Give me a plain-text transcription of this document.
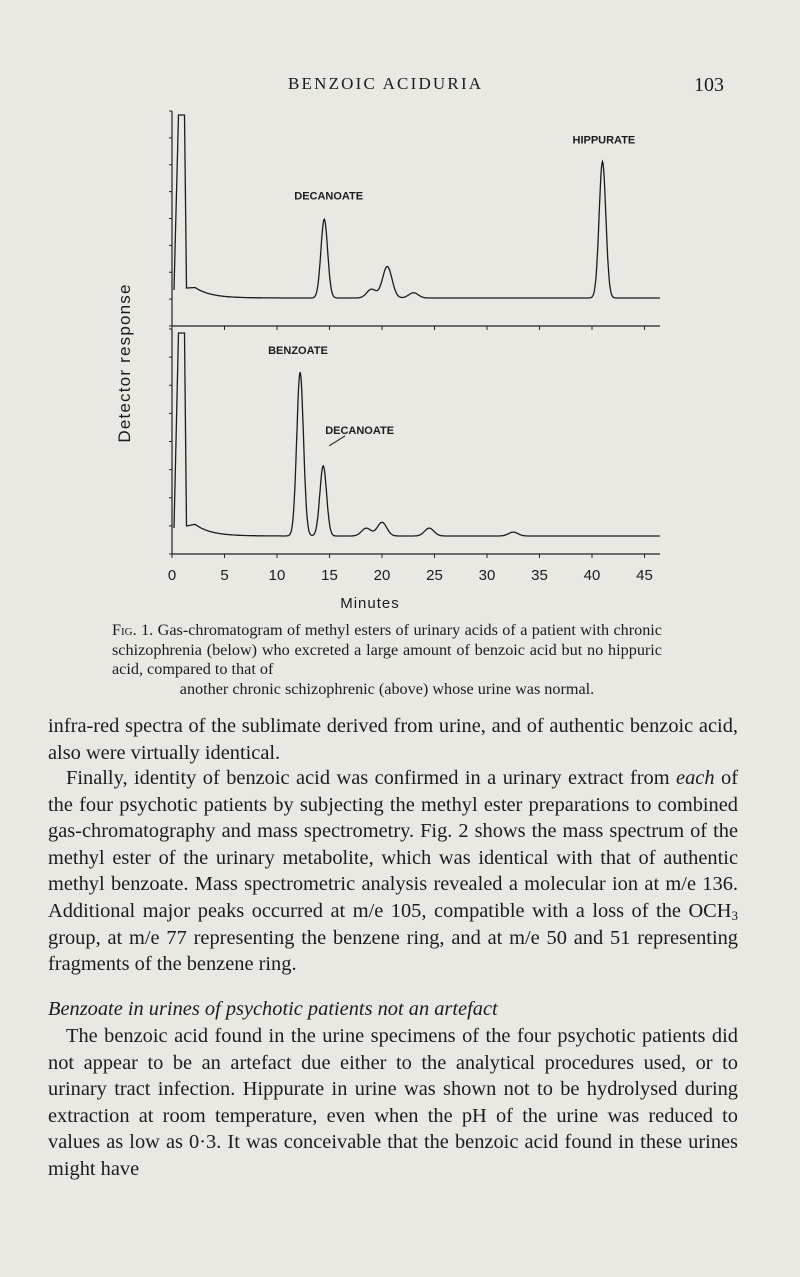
BENZOIC ACIDURIA	103
Detector response
Minutes
DECANOATE
HIPPURATE
BENZOATE
DECANOATE
0	5	10 15 20 25 30 35 40 45
Fig. 1. Gas-chromatogram of methyl esters of urinary acids of a patient with chronic schizophrenia (below) who excreted a large amount of benzoic acid but no hippuric acid, compared to that of
another chronic schizophrenic (above) whose urine was normal.

infra-red spectra of the sublimate derived from urine, and of authentic benzoic acid, also were virtually identical.

Finally, identity of benzoic acid was confirmed in a urinary extract from each of the four psychotic patients by subjecting the methyl ester preparations to combined gas-chromatography and mass spectrometry. Fig. 2 shows the mass spectrum of the methyl ester of the urinary metabolite, which was identical with that of authentic methyl benzoate. Mass spectrometric analysis revealed a molecular ion at m/e 136. Additional major peaks occurred at m/e 105, compatible with a loss of the $OCH_3$ group, at m/e 77 representing the benzene ring, and at m/e 50 and 51 representing fragments of the benzene ring.

Benzoate in urines of psychotic patients not an artefact

The benzoic acid found in the urine specimens of the four psychotic patients did not appear to be an artefact due either to the analytical procedures used, or to urinary tract infection. Hippurate in urine was shown not to be hydrolysed during extraction at room temperature, even when the pH of the urine was reduced to values as low as 0·3. It was conceivable that the benzoic acid found in these urines might have
